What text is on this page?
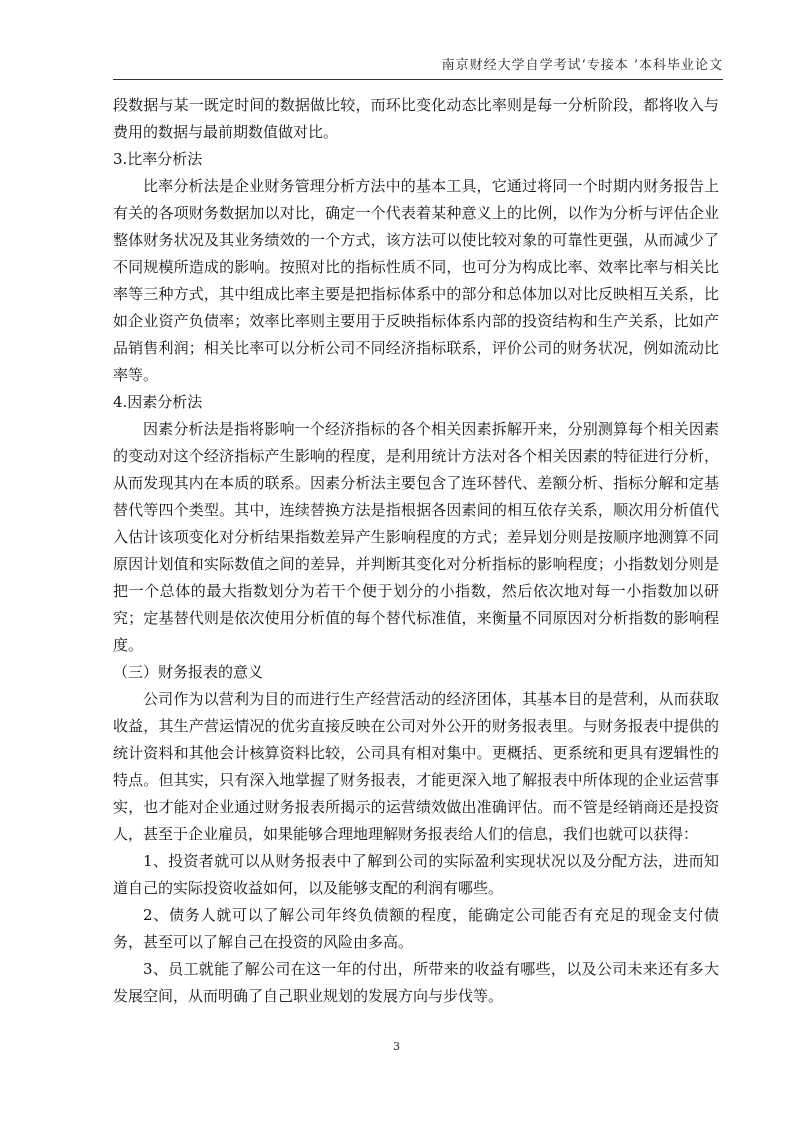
南京财经大学自学考试‘专接本 ’本科毕业论文

段数据与某一既定时间的数据做比较，而环比变化动态比率则是每一分析阶段，都将收入与费用的数据与最前期数值做对比。

3.比率分析法

比率分析法是企业财务管理分析方法中的基本工具，它通过将同一个时期内财务报告上有关的各项财务数据加以对比，确定一个代表着某种意义上的比例，以作为分析与评估企业整体财务状况及其业务绩效的一个方式，该方法可以使比较对象的可靠性更强，从而减少了不同规模所造成的影响。按照对比的指标性质不同，也可分为构成比率、效率比率与相关比率等三种方式，其中组成比率主要是把指标体系中的部分和总体加以对比反映相互关系，比如企业资产负债率；效率比率则主要用于反映指标体系内部的投资结构和生产关系，比如产品销售利润；相关比率可以分析公司不同经济指标联系，评价公司的财务状况，例如流动比率等。

4.因素分析法

因素分析法是指将影响一个经济指标的各个相关因素拆解开来，分别测算每个相关因素的变动对这个经济指标产生影响的程度，是利用统计方法对各个相关因素的特征进行分析，从而发现其内在本质的联系。因素分析法主要包含了连环替代、差额分析、指标分解和定基替代等四个类型。其中，连续替换方法是指根据各因素间的相互依存关系，顺次用分析值代入估计该项变化对分析结果指数差异产生影响程度的方式；差异划分则是按顺序地测算不同原因计划值和实际数值之间的差异，并判断其变化对分析指标的影响程度；小指数划分则是把一个总体的最大指数划分为若干个便于划分的小指数，然后依次地对每一小指数加以研究；定基替代则是依次使用分析值的每个替代标准值，来衡量不同原因对分析指数的影响程度。

（三）财务报表的意义

公司作为以营利为目的而进行生产经营活动的经济团体，其基本目的是营利，从而获取收益，其生产营运情况的优劣直接反映在公司对外公开的财务报表里。与财务报表中提供的统计资料和其他会计核算资料比较，公司具有相对集中。更概括、更系统和更具有逻辑性的特点。但其实，只有深入地掌握了财务报表，才能更深入地了解报表中所体现的企业运营事实，也才能对企业通过财务报表所揭示的运营绩效做出准确评估。而不管是经销商还是投资人，甚至于企业雇员，如果能够合理地理解财务报表给人们的信息，我们也就可以获得：

1、投资者就可以从财务报表中了解到公司的实际盈利实现状况以及分配方法，进而知道自己的实际投资收益如何，以及能够支配的利润有哪些。

2、债务人就可以了解公司年终负债额的程度，能确定公司能否有充足的现金支付债务，甚至可以了解自己在投资的风险由多高。

3、员工就能了解公司在这一年的付出，所带来的收益有哪些，以及公司未来还有多大发展空间，从而明确了自己职业规划的发展方向与步伐等。

3
